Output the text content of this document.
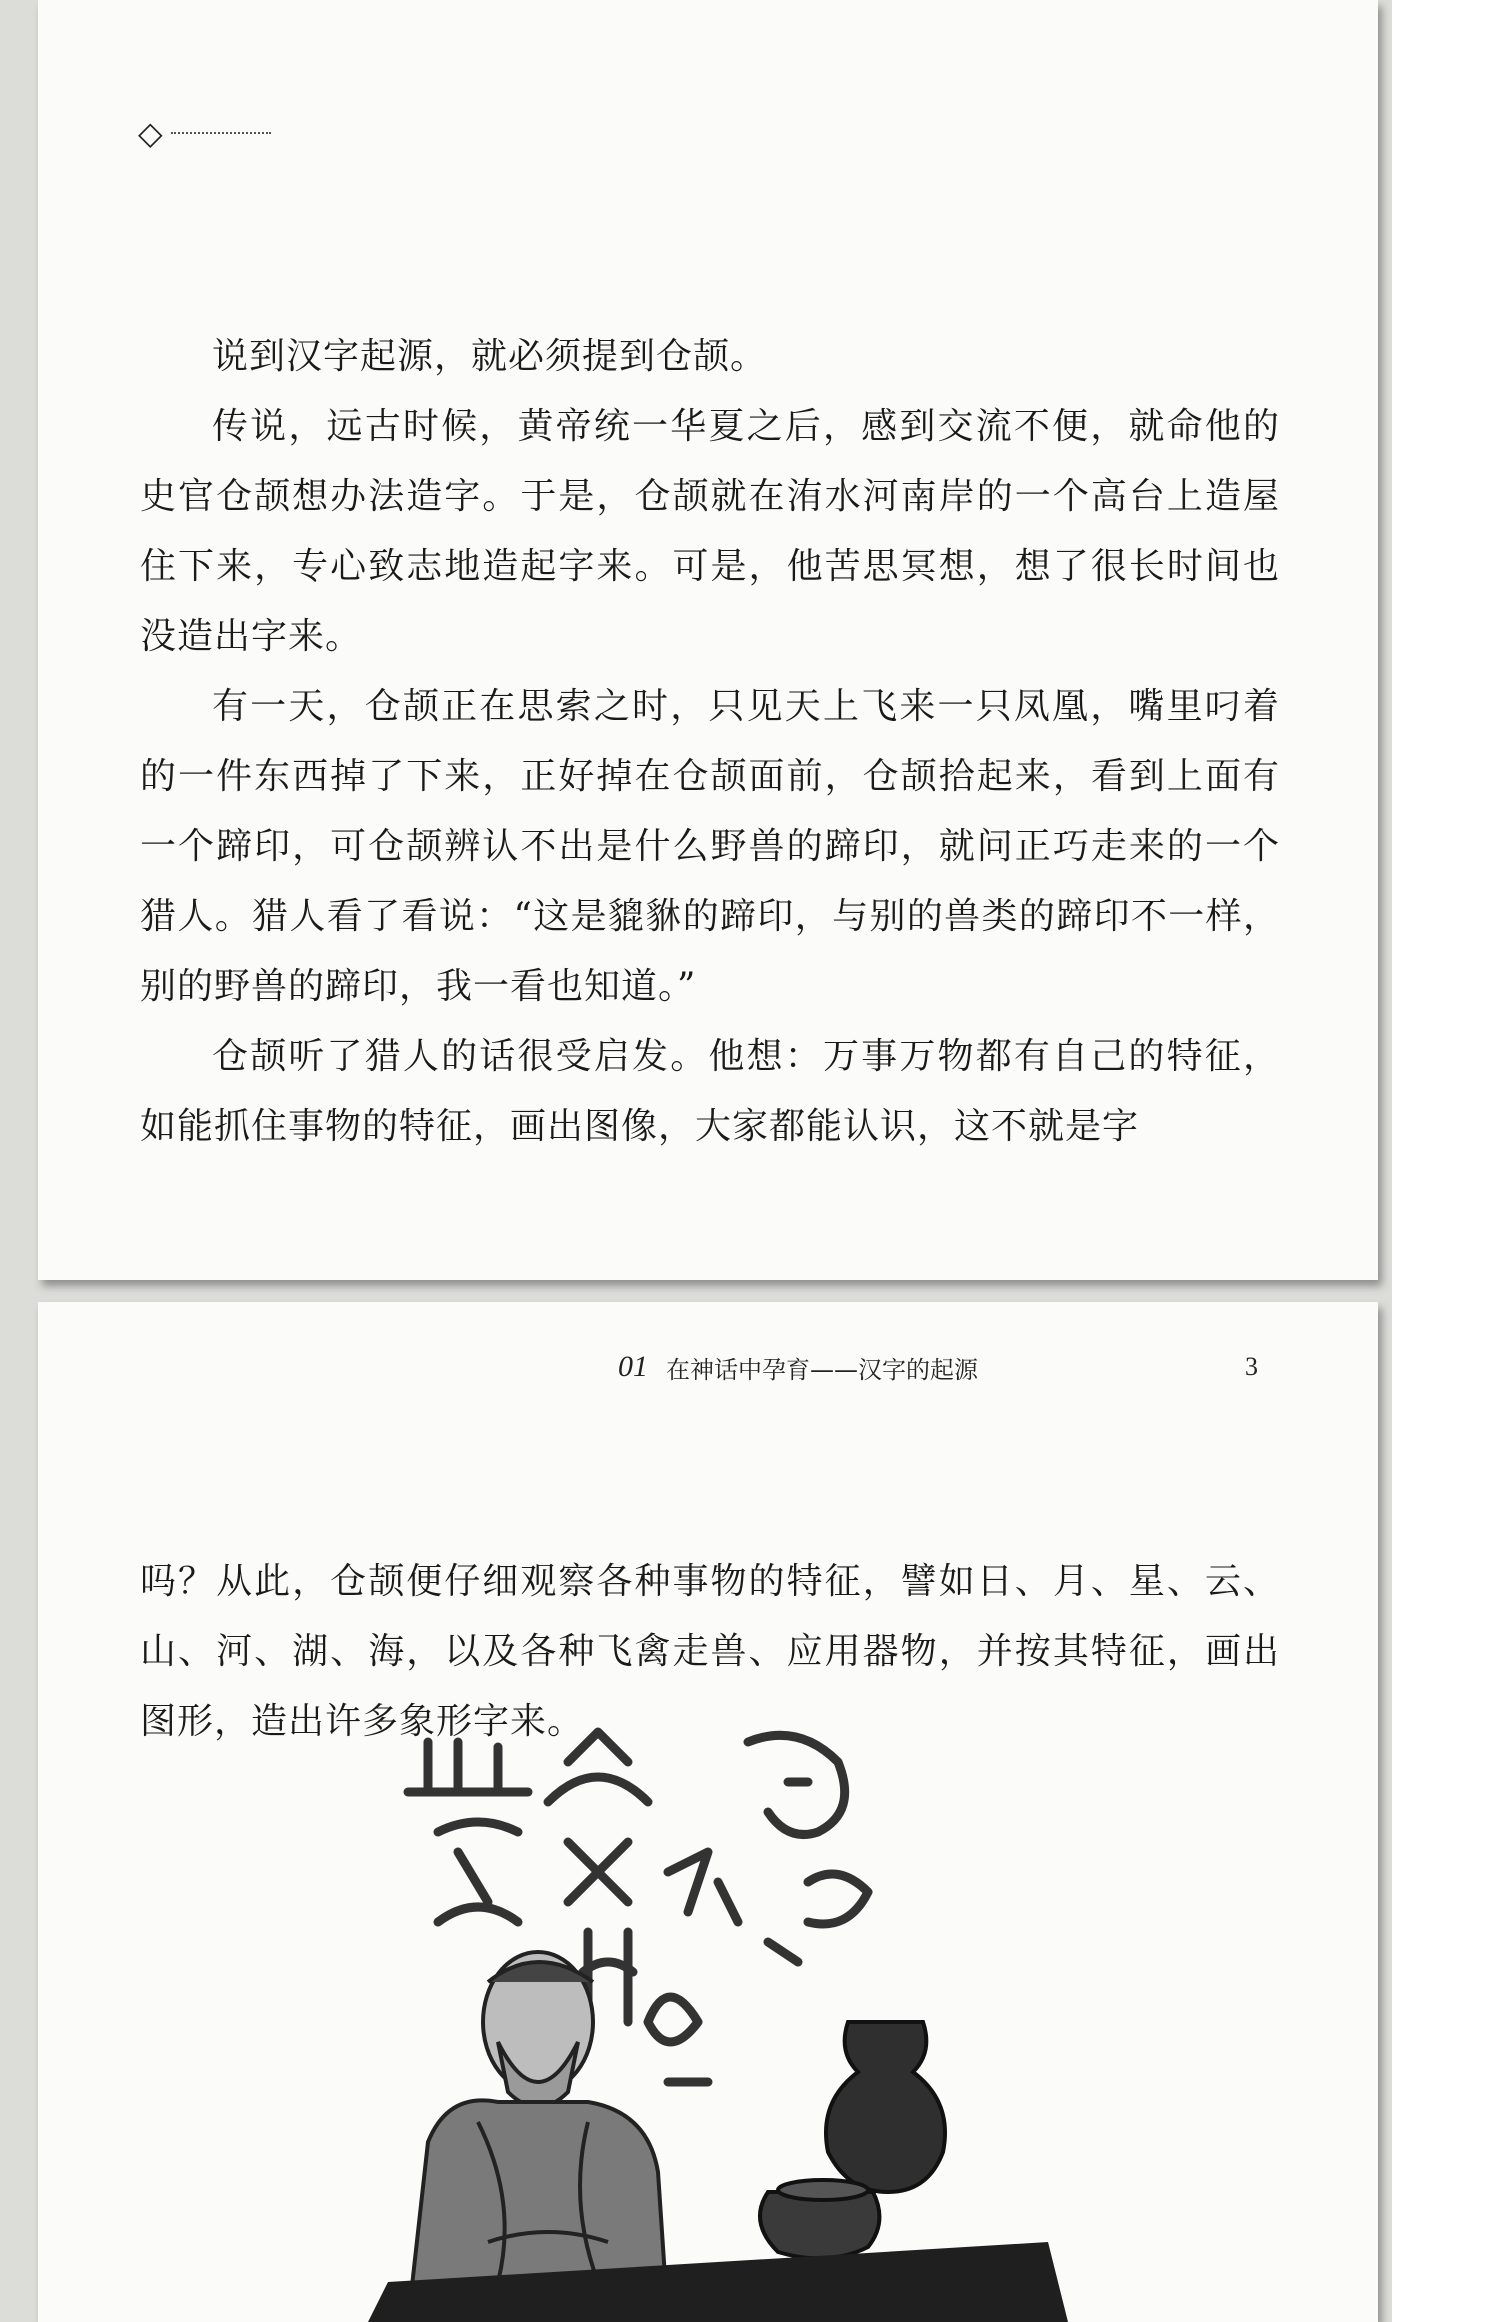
◇

说到汉字起源，就必须提到仓颉。

传说，远古时候，黄帝统一华夏之后，感到交流不便，就命他的史官仓颉想办法造字。于是，仓颉就在洧水河南岸的一个高台上造屋住下来，专心致志地造起字来。可是，他苦思冥想，想了很长时间也没造出字来。

有一天，仓颉正在思索之时，只见天上飞来一只凤凰，嘴里叼着的一件东西掉了下来，正好掉在仓颉面前，仓颉拾起来，看到上面有一个蹄印，可仓颉辨认不出是什么野兽的蹄印，就问正巧走来的一个猎人。猎人看了看说：“这是貔貅的蹄印，与别的兽类的蹄印不一样，别的野兽的蹄印，我一看也知道。”

仓颉听了猎人的话很受启发。他想：万事万物都有自己的特征，如能抓住事物的特征，画出图像，大家都能认识，这不就是字

01 在神话中孕育——汉字的起源	3

吗？从此，仓颉便仔细观察各种事物的特征，譬如日、月、星、云、山、河、湖、海，以及各种飞禽走兽、应用器物，并按其特征，画出图形，造出许多象形字来。
